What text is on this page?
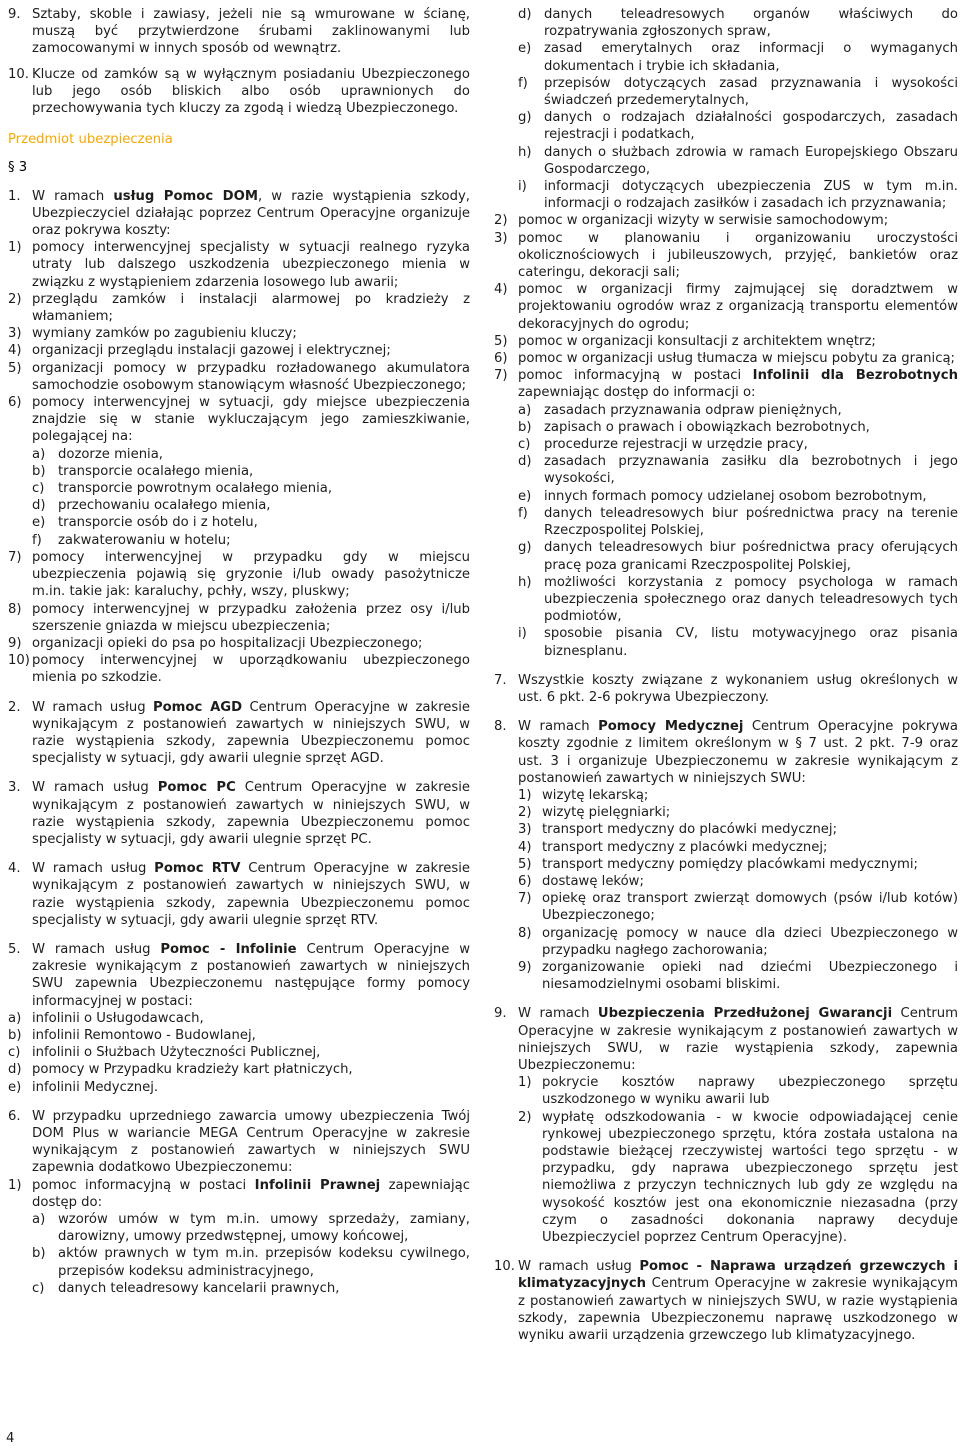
9. Sztaby, skoble i zawiasy, jeżeli nie są wmurowane w ścianę, muszą być przytwierdzone śrubami zaklinowanymi lub zamocowanymi w innych sposób od wewnątrz.
10. Klucze od zamków są w wyłącznym posiadaniu Ubezpieczonego lub jego osób bliskich albo osób uprawnionych do przechowywania tych kluczy za zgodą i wiedzą Ubezpieczonego.
Przedmiot ubezpieczenia
§ 3
1. W ramach usług Pomoc DOM, w razie wystąpienia szkody, Ubezpieczyciel działając poprzez Centrum Operacyjne organizuje oraz pokrywa koszty:
1) pomocy interwencyjnej specjalisty w sytuacji realnego ryzyka utraty lub dalszego uszkodzenia ubezpieczonego mienia w związku z wystąpieniem zdarzenia losowego lub awarii;
2) przeglądu zamków i instalacji alarmowej po kradzieży z włamaniem;
3) wymiany zamków po zagubieniu kluczy;
4) organizacji przeglądu instalacji gazowej i elektrycznej;
5) organizacji pomocy w przypadku rozładowanego akumulatora samochodzie osobowym stanowiącym własność Ubezpieczonego;
6) pomocy interwencyjnej w sytuacji, gdy miejsce ubezpieczenia znajdzie się w stanie wykluczającym jego zamieszkiwanie, polegającej na:
a) dozorze mienia,
b) transporcie ocalałego mienia,
c)	transporcie powrotnym ocalałego mienia,
d) przechowaniu ocalałego mienia,
e) transporcie osób do i z hotelu,
f)	zakwaterowaniu w hotelu;
7) pomocy interwencyjnej w przypadku gdy w miejscu ubezpieczenia pojawią się gryzonie i/lub owady pasożytnicze m.in. takie jak: karaluchy, pchły, wszy, pluskwy;
8) pomocy interwencyjnej w przypadku założenia przez osy i/lub szerszenie gniazda w miejscu ubezpieczenia;
9) organizacji opieki do psa po hospitalizacji Ubezpieczonego;
10) pomocy interwencyjnej w uporządkowaniu ubezpieczonego mienia po szkodzie.
2. W ramach usług Pomoc AGD Centrum Operacyjne w zakresie wynikającym z postanowień zawartych w niniejszych SWU, w razie wystąpienia szkody, zapewnia Ubezpieczonemu pomoc specjalisty w sytuacji, gdy awarii ulegnie sprzęt AGD.
3. W ramach usług Pomoc PC Centrum Operacyjne w zakresie wynikającym z postanowień zawartych w niniejszych SWU, w razie wystąpienia szkody, zapewnia Ubezpieczonemu pomoc specjalisty w sytuacji, gdy awarii ulegnie sprzęt PC.
4. W ramach usług Pomoc RTV Centrum Operacyjne w zakresie wynikającym z postanowień zawartych w niniejszych SWU, w razie wystąpienia szkody, zapewnia Ubezpieczonemu pomoc specjalisty w sytuacji, gdy awarii ulegnie sprzęt RTV.
5. W ramach usług Pomoc - Infolinie Centrum Operacyjne w zakresie wynikającym z postanowień zawartych w niniejszych SWU zapewnia Ubezpieczonemu następujące formy pomocy informacyjnej w postaci:
a) infolinii o Usługodawcach,
b) infolinii Remontowo - Budowlanej,
c) infolinii o Służbach Użyteczności Publicznej,
d) pomocy w Przypadku kradzieży kart płatniczych,
e) infolinii Medycznej.
6. W przypadku uprzedniego zawarcia umowy ubezpieczenia Twój DOM Plus w wariancie MEGA Centrum Operacyjne w zakresie wynikającym z postanowień zawartych w niniejszych SWU zapewnia dodatkowo Ubezpieczonemu:
1) pomoc informacyjną w postaci Infolinii Prawnej zapewniając dostęp do:
a) wzorów umów w tym m.in. umowy sprzedaży, zamiany, darowizny, umowy przedwstępnej, umowy końcowej,
b) aktów prawnych w tym m.in. przepisów kodeksu cywilnego, przepisów kodeksu administracyjnego,
c)	danych teleadresowy kancelarii prawnych,
d) danych teleadresowych organów właściwych do rozpatrywania zgłoszonych spraw,
e) zasad emerytalnych oraz informacji o wymaganych dokumentach i trybie ich składania,
f)	przepisów dotyczących zasad przyznawania i wysokości świadczeń przedemerytalnych,
g) danych o rodzajach działalności gospodarczych, zasadach rejestracji i podatkach,
h) danych o służbach zdrowia w ramach Europejskiego Obszaru Gospodarczego,
i)	informacji dotyczących ubezpieczenia ZUS w tym m.in. informacji o rodzajach zasiłków i zasadach ich przyznawania;
2) pomoc w organizacji wizyty w serwisie samochodowym;
3) pomoc w planowaniu i organizowaniu uroczystości okolicznościowych i jubileuszowych, przyjęć, bankietów oraz cateringu, dekoracji sali;
4) pomoc w organizacji firmy zajmującej się doradztwem w projektowaniu ogrodów wraz z organizacją transportu elementów dekoracyjnych do ogrodu;
5) pomoc w organizacji konsultacji z architektem wnętrz;
6) pomoc w organizacji usług tłumacza w miejscu pobytu za granicą;
7) pomoc informacyjną w postaci Infolinii dla Bezrobotnych zapewniając dostęp do informacji o:
a) zasadach przyznawania odpraw pieniężnych,
b) zapisach o prawach i obowiązkach bezrobotnych,
c)	procedurze rejestracji w urzędzie pracy,
d) zasadach przyznawania zasiłku dla bezrobotnych i jego wysokości,
e) innych formach pomocy udzielanej osobom bezrobotnym,
f)	danych teleadresowych biur pośrednictwa pracy na terenie Rzeczpospolitej Polskiej,
g) danych teleadresowych biur pośrednictwa pracy oferujących pracę poza granicami Rzeczpospolitej Polskiej,
h) możliwości korzystania z pomocy psychologa w ramach ubezpieczenia społecznego oraz danych teleadresowych tych podmiotów,
i)	sposobie pisania CV, listu motywacyjnego oraz pisania biznesplanu.
7. Wszystkie koszty związane z wykonaniem usług określonych w ust. 6 pkt. 2-6 pokrywa Ubezpieczony.
8. W ramach Pomocy Medycznej Centrum Operacyjne pokrywa koszty zgodnie z limitem określonym w § 7 ust. 2 pkt. 7-9 oraz ust. 3 i organizuje Ubezpieczonemu w zakresie wynikającym z postanowień zawartych w niniejszych SWU:
1) wizytę lekarską;
2) wizytę pielęgniarki;
3) transport medyczny do placówki medycznej;
4) transport medyczny z placówki medycznej;
5) transport medyczny pomiędzy placówkami medycznymi;
6) dostawę leków;
7) opiekę oraz transport zwierząt domowych (psów i/lub kotów) Ubezpieczonego;
8) organizację pomocy w nauce dla dzieci Ubezpieczonego w przypadku nagłego zachorowania;
9) zorganizowanie opieki nad dziećmi Ubezpieczonego i niesamodzielnymi osobami bliskimi.
9. W ramach Ubezpieczenia Przedłużonej Gwarancji Centrum Operacyjne w zakresie wynikającym z postanowień zawartych w niniejszych SWU, w razie wystąpienia szkody, zapewnia Ubezpieczonemu:
1) pokrycie kosztów naprawy ubezpieczonego sprzętu uszkodzonego w wyniku awarii lub
2) wypłatę odszkodowania - w kwocie odpowiadającej cenie rynkowej ubezpieczonego sprzętu, która została ustalona na podstawie bieżącej rzeczywistej wartości tego sprzętu - w przypadku, gdy naprawa ubezpieczonego sprzętu jest niemożliwa z przyczyn technicznych lub gdy ze względu na wysokość kosztów jest ona ekonomicznie niezasadna (przy czym o zasadności dokonania naprawy decyduje Ubezpieczyciel poprzez Centrum Operacyjne).
10. W ramach usług Pomoc - Naprawa urządzeń grzewczych i klimatyzacyjnych Centrum Operacyjne w zakresie wynikającym z postanowień zawartych w niniejszych SWU, w razie wystąpienia szkody, zapewnia Ubezpieczonemu naprawę uszkodzonego w wyniku awarii urządzenia grzewczego lub klimatyzacyjnego.
4
